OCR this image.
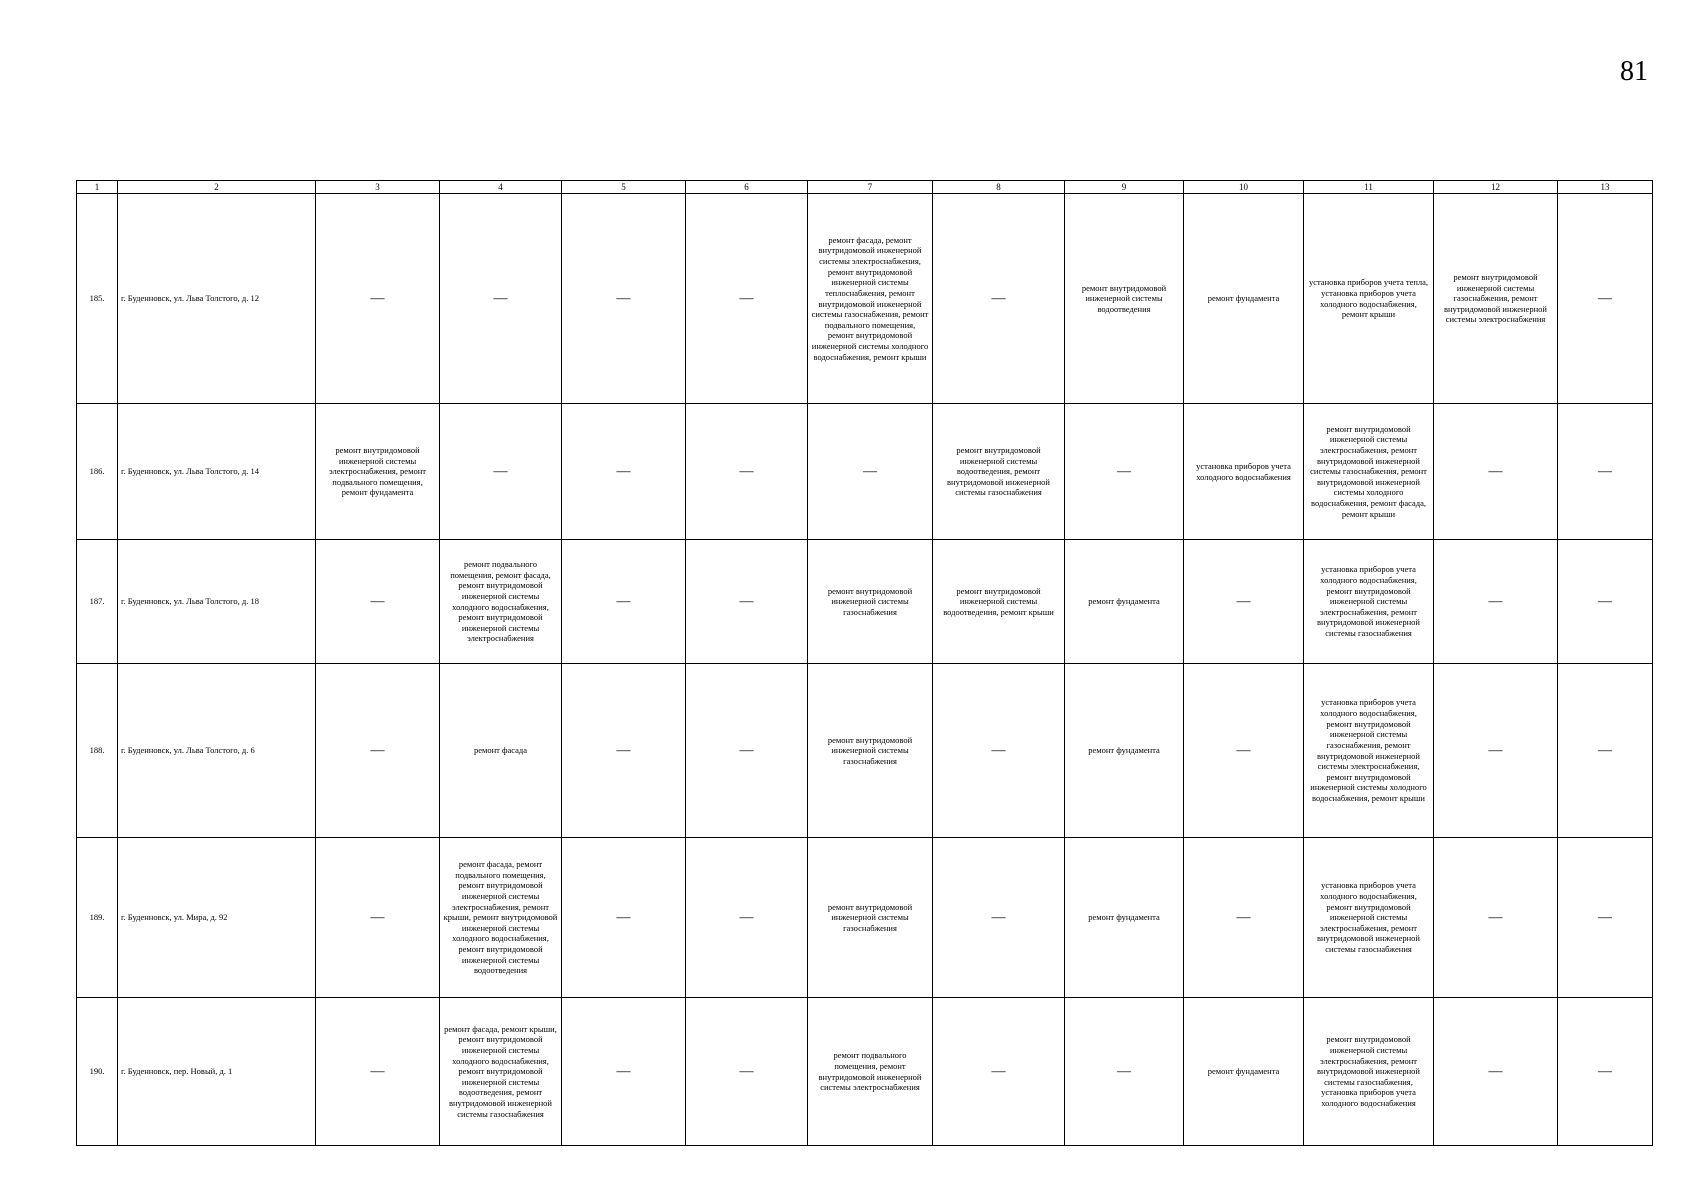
81
1	2	3	4	5	6	7	8	9	10	11	12	13
185.	г. Буденновск, ул. Льва Толстого, д. 12	—	—	—	—	ремонт фасада, ремонт внутридомовой инженерной системы электроснабжения, ремонт внутридомовой инженерной системы теплоснабжения, ремонт внутридомовой инженерной системы газоснабжения, ремонт подвального помещения, ремонт внутридомовой инженерной системы холодного водоснабжения, ремонт крыши	—	ремонт внутридомовой инженерной системы водоотведения	ремонт фундамента	установка приборов учета тепла, установка приборов учета холодного водоснабжения, ремонт крыши	ремонт внутридомовой инженерной системы газоснабжения, ремонт внутридомовой инженерной системы электроснабжения	—
186.	г. Буденновск, ул. Льва Толстого, д. 14	ремонт внутридомовой инженерной системы электроснабжения, ремонт подвального помещения, ремонт фундамента	—	—	—	—	ремонт внутридомовой инженерной системы водоотведения, ремонт внутридомовой инженерной системы газоснабжения	—	установка приборов учета холодного водоснабжения	ремонт внутридомовой инженерной системы электроснабжения, ремонт внутридомовой инженерной системы газоснабжения, ремонт внутридомовой инженерной системы холодного водоснабжения, ремонт фасада, ремонт крыши	—	—
187.	г. Буденновск, ул. Льва Толстого, д. 18	—	ремонт подвального помещения, ремонт фасада, ремонт внутридомовой инженерной системы холодного водоснабжения, ремонт внутридомовой инженерной системы электроснабжения	—	—	ремонт внутридомовой инженерной системы газоснабжения	ремонт внутридомовой инженерной системы водоотведения, ремонт крыши	ремонт фундамента	—	установка приборов учета холодного водоснабжения, ремонт внутридомовой инженерной системы электроснабжения, ремонт внутридомовой инженерной системы газоснабжения	—	—
188.	г. Буденновск, ул. Льва Толстого, д. 6	—	ремонт фасада	—	—	ремонт внутридомовой инженерной системы газоснабжения	—	ремонт фундамента	—	установка приборов учета холодного водоснабжения, ремонт внутридомовой инженерной системы газоснабжения, ремонт внутридомовой инженерной системы электроснабжения, ремонт внутридомовой инженерной системы холодного водоснабжения, ремонт крыши	—	—
189.	г. Буденновск, ул. Мира, д. 92	—	ремонт фасада, ремонт подвального помещения, ремонт внутридомовой инженерной системы электроснабжения, ремонт крыши, ремонт внутридомовой инженерной системы холодного водоснабжения, ремонт внутридомовой инженерной системы водоотведения	—	—	ремонт внутридомовой инженерной системы газоснабжения	—	ремонт фундамента	—	установка приборов учета холодного водоснабжения, ремонт внутридомовой инженерной системы электроснабжения, ремонт внутридомовой инженерной системы газоснабжения	—	—
190.	г. Буденновск, пер. Новый, д. 1	—	ремонт фасада, ремонт крыши, ремонт внутридомовой инженерной системы холодного водоснабжения, ремонт внутридомовой инженерной системы водоотведения, ремонт внутридомовой инженерной системы газоснабжения	—	—	ремонт подвального помещения, ремонт внутридомовой инженерной системы электроснабжения	—	—	ремонт фундамента	ремонт внутридомовой инженерной системы электроснабжения, ремонт внутридомовой инженерной системы газоснабжения, установка приборов учета холодного водоснабжения	—	—
